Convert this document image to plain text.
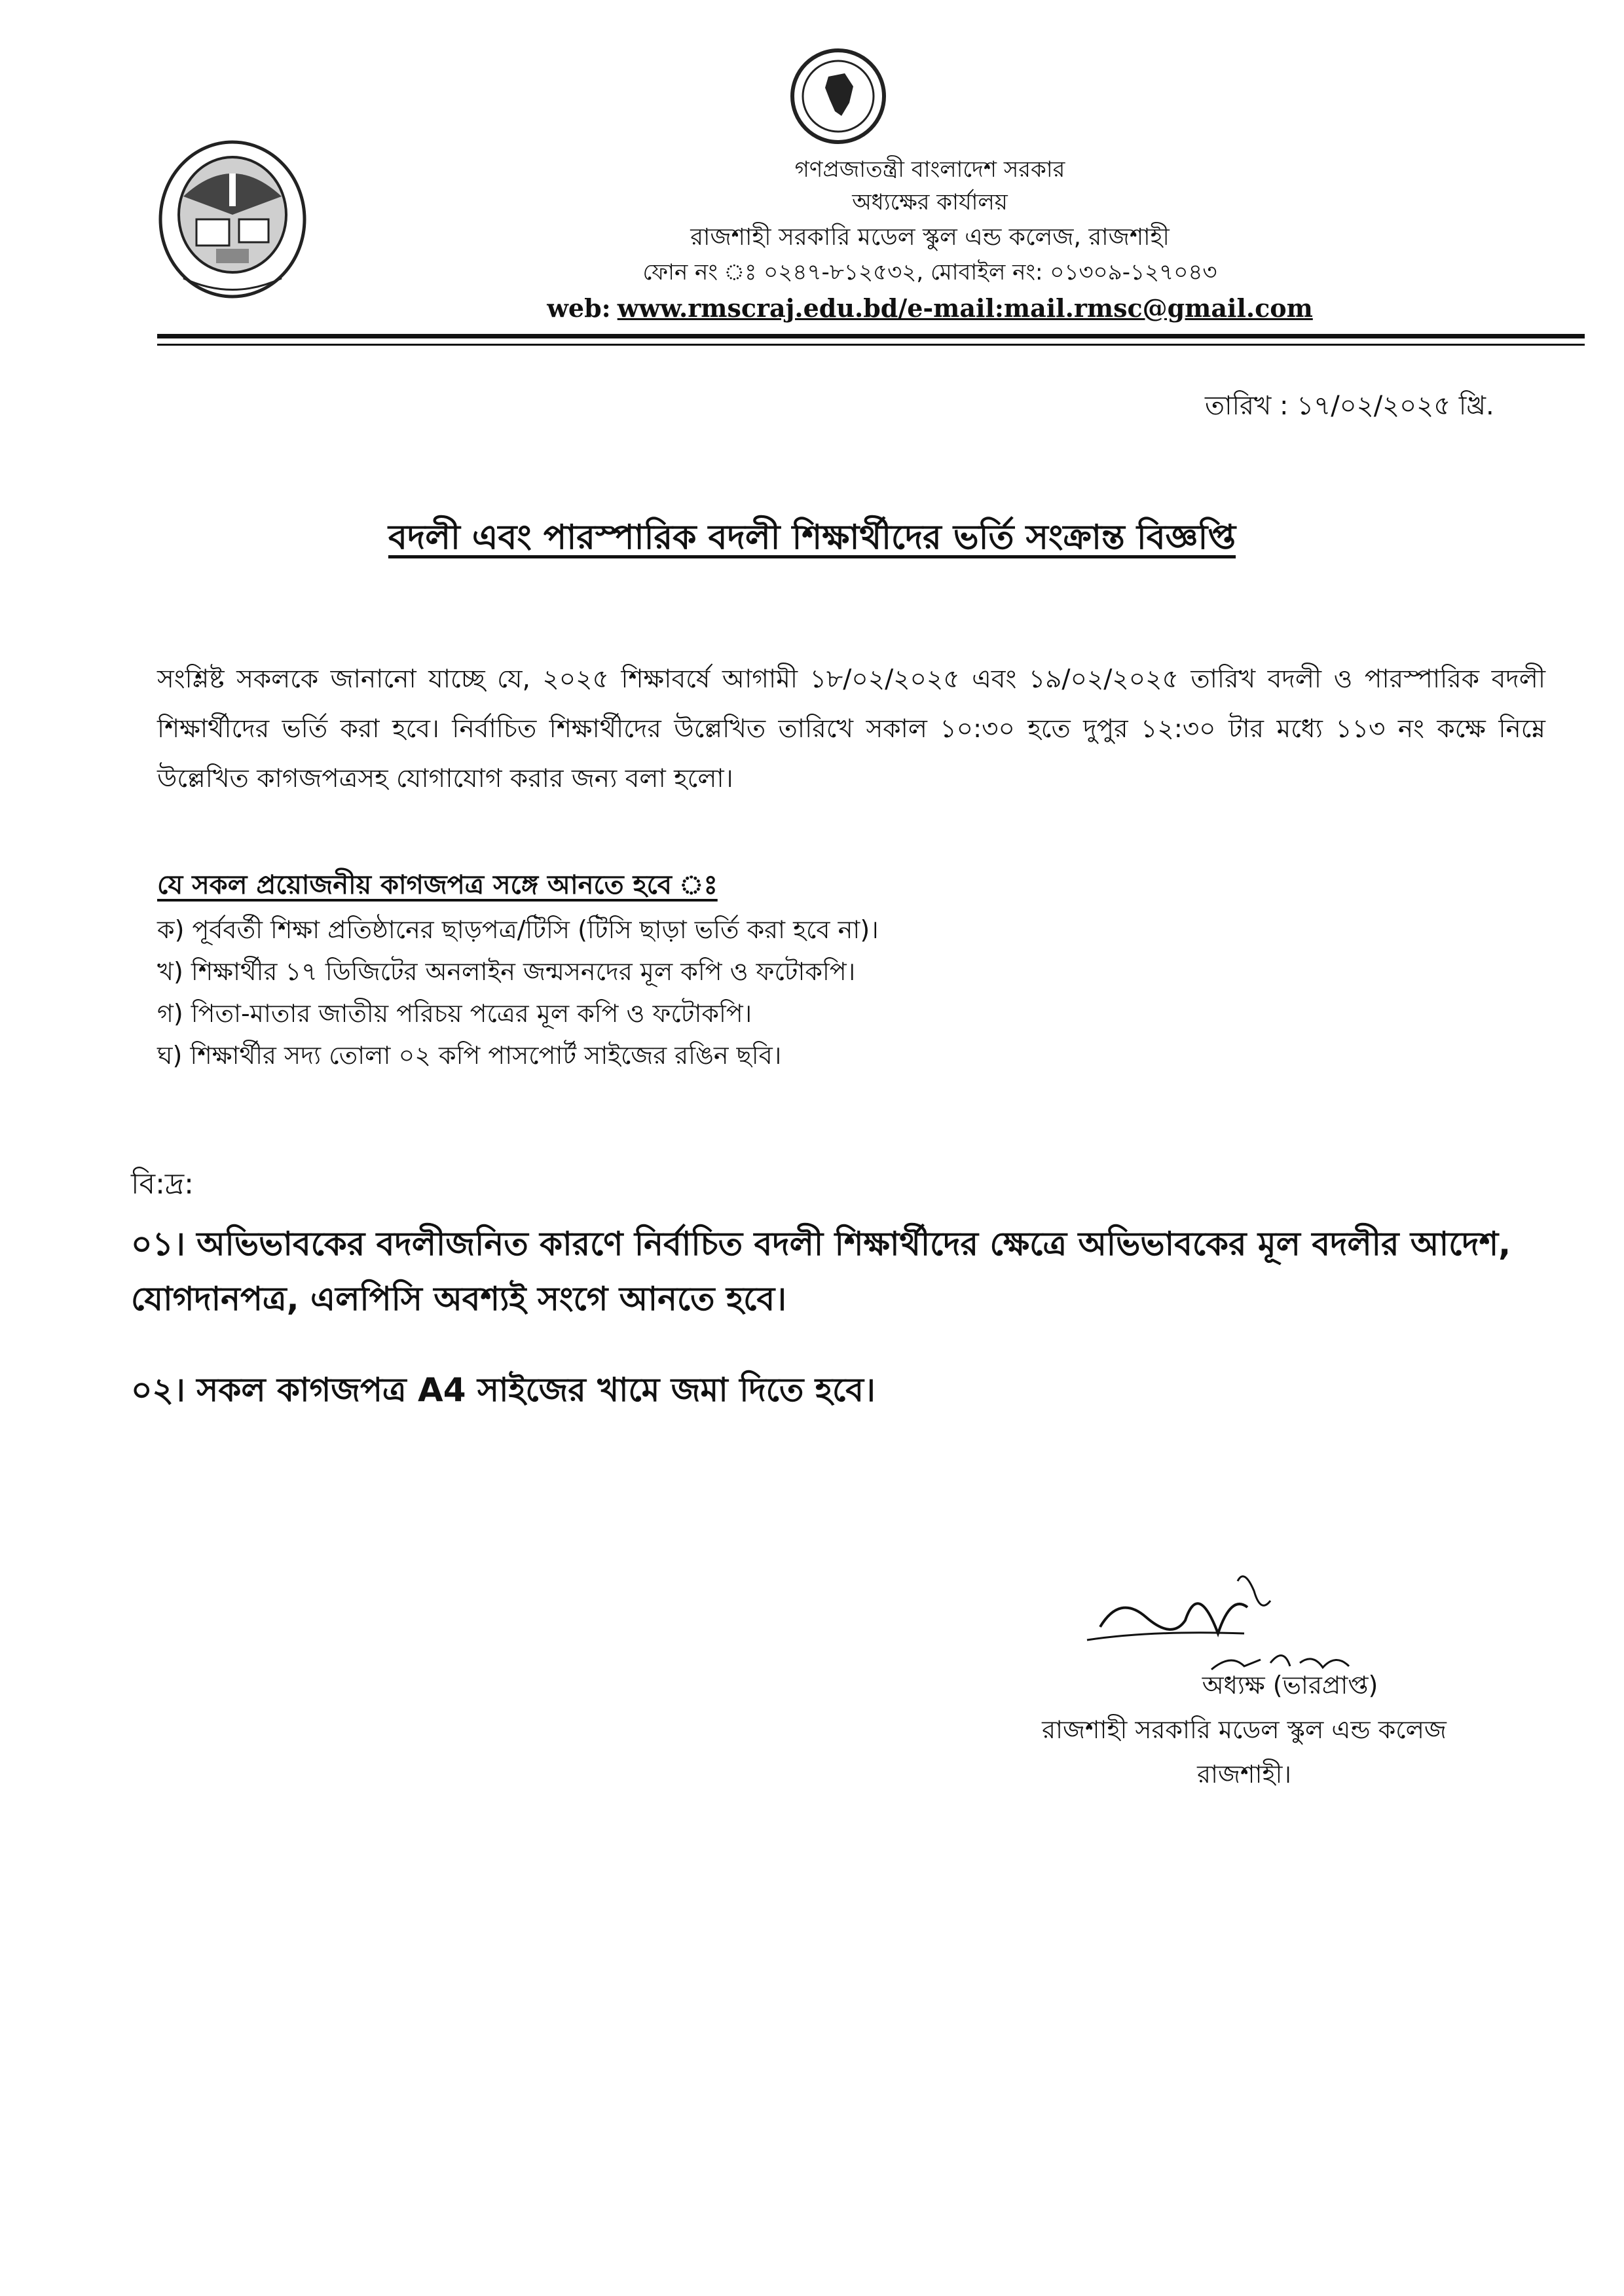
গণপ্রজাতন্ত্রী বাংলাদেশ সরকার
অধ্যক্ষের কার্যালয়
রাজশাহী সরকারি মডেল স্কুল এন্ড কলেজ, রাজশাহী
ফোন নং ঃ ০২৪৭-৮১২৫৩২, মোবাইল নং: ০১৩০৯-১২৭০৪৩
web: www.rmscraj.edu.bd/e-mail:mail.rmsc@gmail.com
তারিখ : ১৭/০২/২০২৫ খ্রি.
বদলী এবং পারস্পারিক বদলী শিক্ষার্থীদের ভর্তি সংক্রান্ত বিজ্ঞপ্তি
সংশ্লিষ্ট সকলকে জানানো যাচ্ছে যে, ২০২৫ শিক্ষাবর্ষে আগামী ১৮/০২/২০২৫ এবং ১৯/০২/২০২৫ তারিখ বদলী ও পারস্পারিক বদলী শিক্ষার্থীদের ভর্তি করা হবে। নির্বাচিত শিক্ষার্থীদের উল্লেখিত তারিখে সকাল ১০:৩০ হতে দুপুর ১২:৩০ টার মধ্যে ১১৩ নং কক্ষে নিম্নে উল্লেখিত কাগজপত্রসহ যোগাযোগ করার জন্য বলা হলো।
যে সকল প্রয়োজনীয় কাগজপত্র সঙ্গে আনতে হবে ঃ
ক) পূর্ববর্তী শিক্ষা প্রতিষ্ঠানের ছাড়পত্র/টিসি (টিসি ছাড়া ভর্তি করা হবে না)।
খ) শিক্ষার্থীর ১৭ ডিজিটের অনলাইন জন্মসনদের মূল কপি ও ফটোকপি।
গ) পিতা-মাতার জাতীয় পরিচয় পত্রের মূল কপি ও ফটোকপি।
ঘ) শিক্ষার্থীর সদ্য তোলা ০২ কপি পাসপোর্ট সাইজের রঙিন ছবি।
বি:দ্র:
০১। অভিভাবকের বদলীজনিত কারণে নির্বাচিত বদলী শিক্ষার্থীদের ক্ষেত্রে অভিভাবকের মূল বদলীর আদেশ, যোগদানপত্র, এলপিসি অবশ্যই সংগে আনতে হবে।
০২। সকল কাগজপত্র A4 সাইজের খামে জমা দিতে হবে।
অধ্যক্ষ (ভারপ্রাপ্ত)
রাজশাহী সরকারি মডেল স্কুল এন্ড কলেজ
রাজশাহী।
